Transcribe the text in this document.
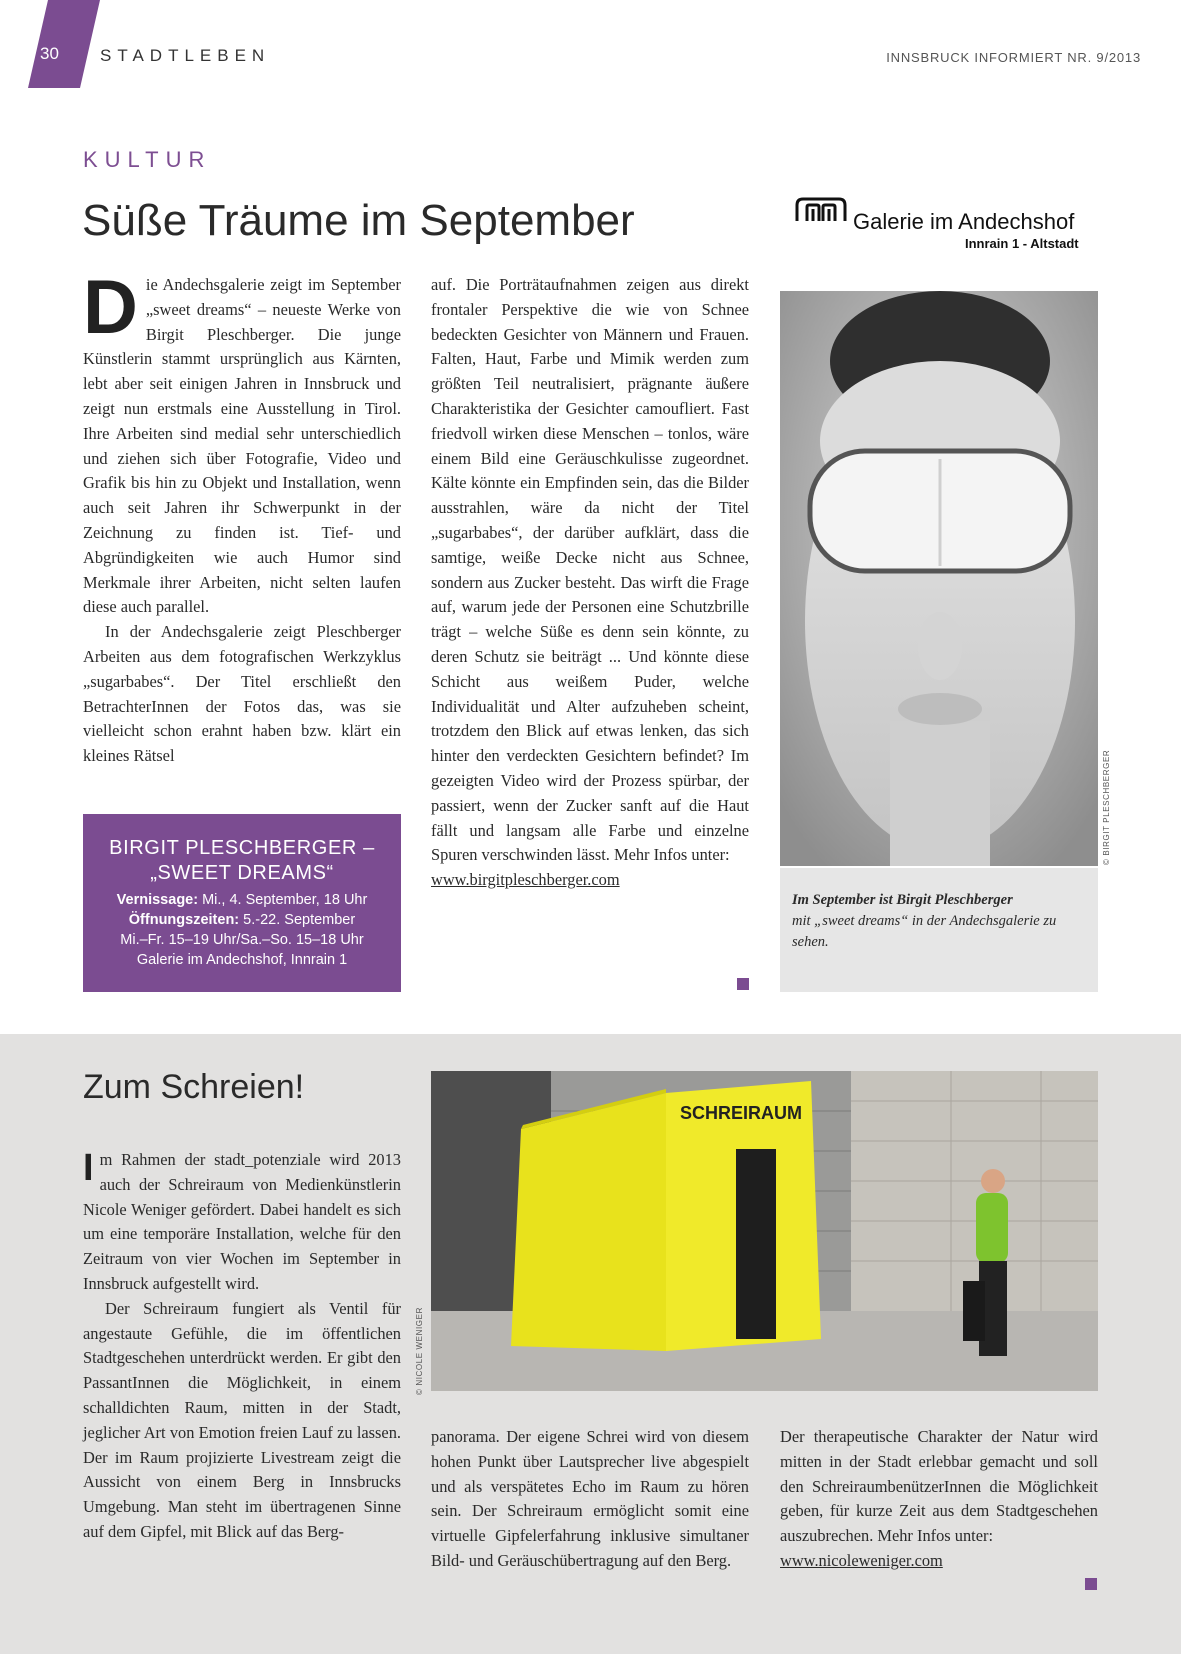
30	STADTLEBEN	INNSBRUCK INFORMIERT NR. 9/2013
KULTUR
Süße Träume im September	Galerie im Andechshof
Innrain 1 - Altstadt

D ie Andechsgalerie zeigt im September „sweet dreams“ – neueste Werke von Birgit Pleschberger. Die junge Künstlerin stammt ursprünglich aus Kärnten, lebt aber seit einigen Jahren in Innsbruck und zeigt nun erstmals eine Ausstellung in Tirol. Ihre Arbeiten sind medial sehr unterschiedlich und ziehen sich über Fotografie, Video und Grafik bis hin zu Objekt und Installation, wenn auch seit Jahren ihr Schwerpunkt in der Zeichnung zu finden ist. Tief- und Abgründigkeiten wie auch Humor sind Merkmale ihrer Arbeiten, nicht selten laufen diese auch parallel.

In der Andechsgalerie zeigt Pleschberger Arbeiten aus dem fotografischen Werkzyklus „sugarbabes“. Der Titel erschließt den BetrachterInnen der Fotos das, was sie vielleicht schon erahnt haben bzw. klärt ein kleines Rätsel

BIRGIT PLESCHBERGER –
„SWEET DREAMS“
Vernissage: Mi., 4. September, 18 Uhr
Öffnungszeiten: 5.-22. September
Mi.–Fr. 15–19 Uhr/Sa.–So. 15–18 Uhr
Galerie im Andechshof, Innrain 1

auf. Die Porträtaufnahmen zeigen aus direkt frontaler Perspektive die wie von Schnee bedeckten Gesichter von Männern und Frauen. Falten, Haut, Farbe und Mimik werden zum größten Teil neutralisiert, prägnante äußere Charakteristika der Gesichter camoufliert. Fast friedvoll wirken diese Menschen – tonlos, wäre einem Bild eine Geräuschkulisse zugeordnet. Kälte könnte ein Empfinden sein, das die Bilder ausstrahlen, wäre da nicht der Titel „sugarbabes“, der darüber aufklärt, dass die samtige, weiße Decke nicht aus Schnee, sondern aus Zucker besteht. Das wirft die Frage auf, warum jede der Personen eine Schutzbrille trägt – welche Süße es denn sein könnte, zu deren Schutz sie beiträgt ... Und könnte diese Schicht aus weißem Puder, welche Individualität und Alter aufzuheben scheint, trotzdem den Blick auf etwas lenken, das sich hinter den verdeckten Gesichtern befindet? Im gezeigten Video wird der Prozess spürbar, der passiert, wenn der Zucker sanft auf die Haut fällt und langsam alle Farbe und einzelne Spuren verschwinden lässt. Mehr Infos unter:

www.birgitpleschberger.com
© BIRGIT PLESCHBERGER
Im September ist Birgit Pleschberger
mit „sweet dreams“ in der Andechsgalerie zu sehen.
Zum Schreien!

I m Rahmen der stadt_potenziale wird 2013 auch der Schreiraum von Medienkünstlerin Nicole Weniger gefördert. Dabei handelt es sich um eine temporäre Installation, welche für den Zeitraum von vier Wochen im September in Innsbruck aufgestellt wird.

Der Schreiraum fungiert als Ventil für angestaute Gefühle, die im öffentlichen Stadtgeschehen unterdrückt werden. Er gibt den PassantInnen die Möglichkeit, in einem schalldichten Raum, mitten in der Stadt, jeglicher Art von Emotion freien Lauf zu lassen. Der im Raum projizierte Livestream zeigt die Aussicht von einem Berg in Innsbrucks Umgebung. Man steht im übertragenen Sinne auf dem Gipfel, mit Blick auf das Berg-

SCHREIRAUM
© NICOLE WENIGER

panorama. Der eigene Schrei wird von diesem hohen Punkt über Lautsprecher live abgespielt und als verspätetes Echo im Raum zu hören sein. Der Schreiraum ermöglicht somit eine virtuelle Gipfelerfahrung inklusive simultaner Bild- und Geräuschübertragung auf den Berg.

Der therapeutische Charakter der Natur wird mitten in der Stadt erlebbar gemacht und soll den SchreiraumbenützerInnen die Möglichkeit geben, für kurze Zeit aus dem Stadtgeschehen auszubrechen. Mehr Infos unter:

www.nicoleweniger.com
